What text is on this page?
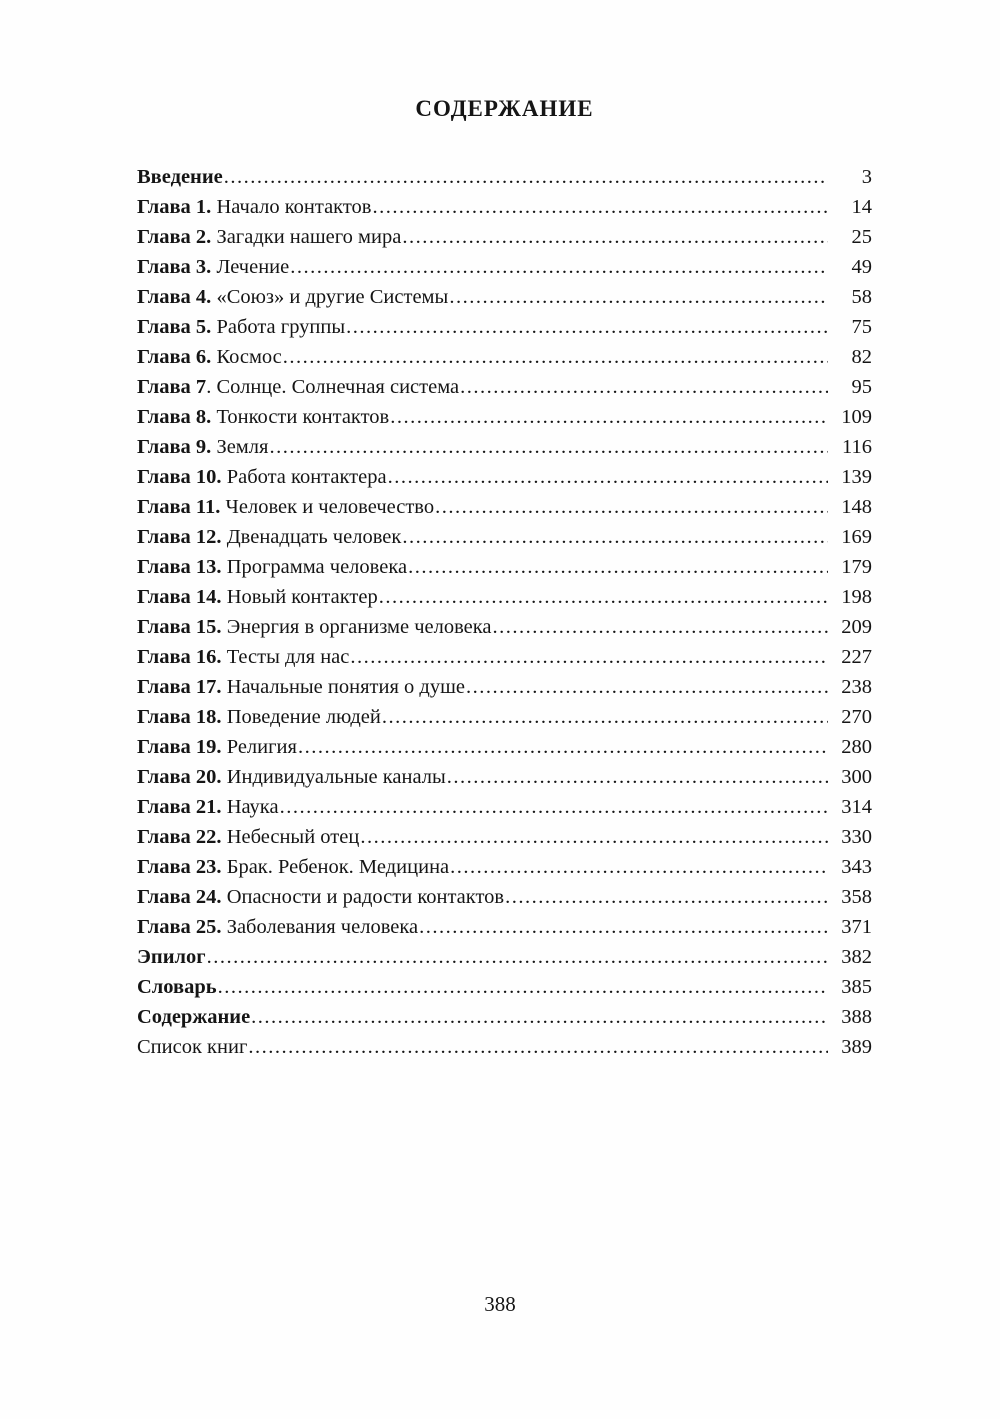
СОДЕРЖАНИЕ
Введение .....	3
Глава 1. Начало контактов .....	14
Глава 2. Загадки нашего мира .....	25
Глава 3. Лечение .....	49
Глава 4. «Союз» и другие Системы .....	58
Глава 5. Работа группы .....	75
Глава 6. Космос .....	82
Глава 7. Солнце. Солнечная система .....	95
Глава 8. Тонкости контактов .....	109
Глава 9. Земля .....	116
Глава 10. Работа контактера .....	139
Глава 11. Человек и человечество .....	148
Глава 12. Двенадцать человек .....	169
Глава 13. Программа человека .....	179
Глава 14. Новый контактер .....	198
Глава 15. Энергия в организме человека .....	209
Глава 16. Тесты для нас .....	227
Глава 17. Начальные понятия о душе .....	238
Глава 18. Поведение людей .....	270
Глава 19. Религия .....	280
Глава 20. Индивидуальные каналы .....	300
Глава 21. Наука .....	314
Глава 22. Небесный отец .....	330
Глава 23. Брак. Ребенок. Медицина .....	343
Глава 24. Опасности и радости контактов .....	358
Глава 25. Заболевания человека .....	371
Эпилог .....	382
Словарь .....	385
Содержание .....	388
Список книг .....	389
388
